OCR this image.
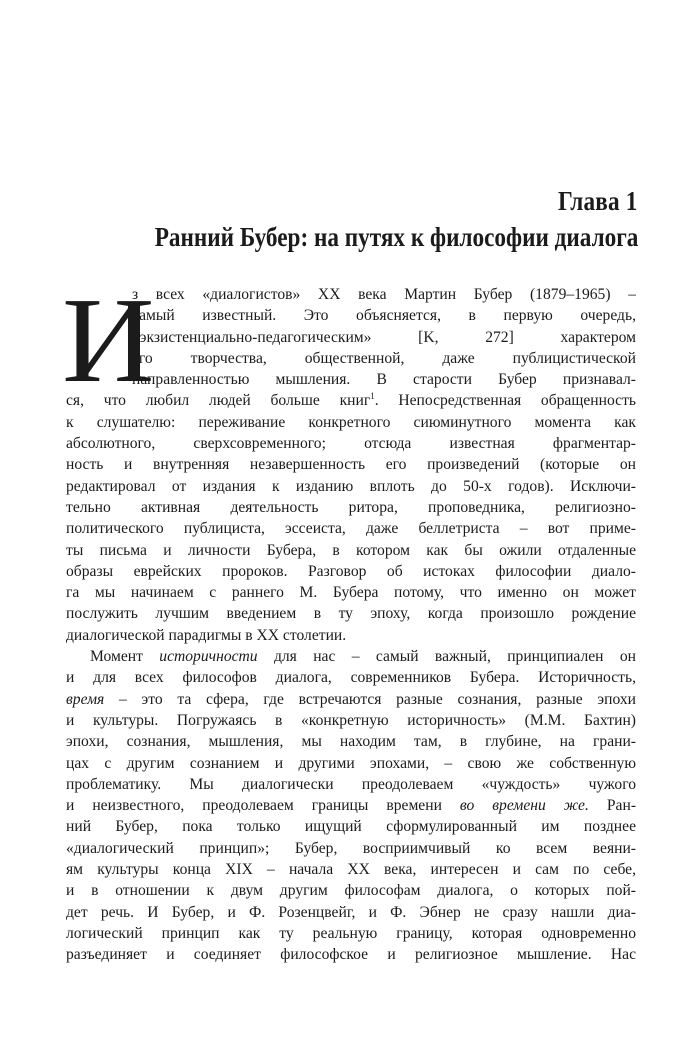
Глава 1
Ранний Бубер: на путях к философии диалога
И
з всех «диалогистов» ХХ века Мартин Бубер (1879–1965) –
самый известный. Это объясняется, в первую очередь,
«экзистенциально-педагогическим» [K, 272] характером
его творчества, общественной, даже публицистической
направленностью мышления. В старости Бубер признавал-
ся, что любил людей больше книг$^1$. Непосредственная обращенность
к слушателю: переживание конкретного сиюминутного момента как
абсолютного, сверхсовременного; отсюда известная фрагментар-
ность и внутренняя незавершенность его произведений (которые он
редактировал от издания к изданию вплоть до 50-х годов). Исключи-
тельно активная деятельность ритора, проповедника, религиозно-
политического публициста, эссеиста, даже беллетриста – вот приме-
ты письма и личности Бубера, в котором как бы ожили отдаленные
образы еврейских пророков. Разговор об истоках философии диало-
га мы начинаем с раннего М. Бубера потому, что именно он может
послужить лучшим введением в ту эпоху, когда произошло рождение
диалогической парадигмы в ХХ столетии.
Момент историчности для нас – самый важный, принципиален он
и для всех философов диалога, современников Бубера. Историчность,
время – это та сфера, где встречаются разные сознания, разные эпохи
и культуры. Погружаясь в «конкретную историчность» (М.М. Бахтин)
эпохи, сознания, мышления, мы находим там, в глубине, на грани-
цах с другим сознанием и другими эпохами, – свою же собственную
проблематику. Мы диалогически преодолеваем «чуждость» чужого
и неизвестного, преодолеваем границы времени во времени же. Ран-
ний Бубер, пока только ищущий сформулированный им позднее
«диалогический принцип»; Бубер, восприимчивый ко всем веяни-
ям культуры конца XIX – начала XX века, интересен и сам по себе,
и в отношении к двум другим философам диалога, о которых пой-
дет речь. И Бубер, и Ф. Розенцвейг, и Ф. Эбнер не сразу нашли диа-
логический принцип как ту реальную границу, которая одновременно
разъединяет и соединяет философское и религиозное мышление. Нас
